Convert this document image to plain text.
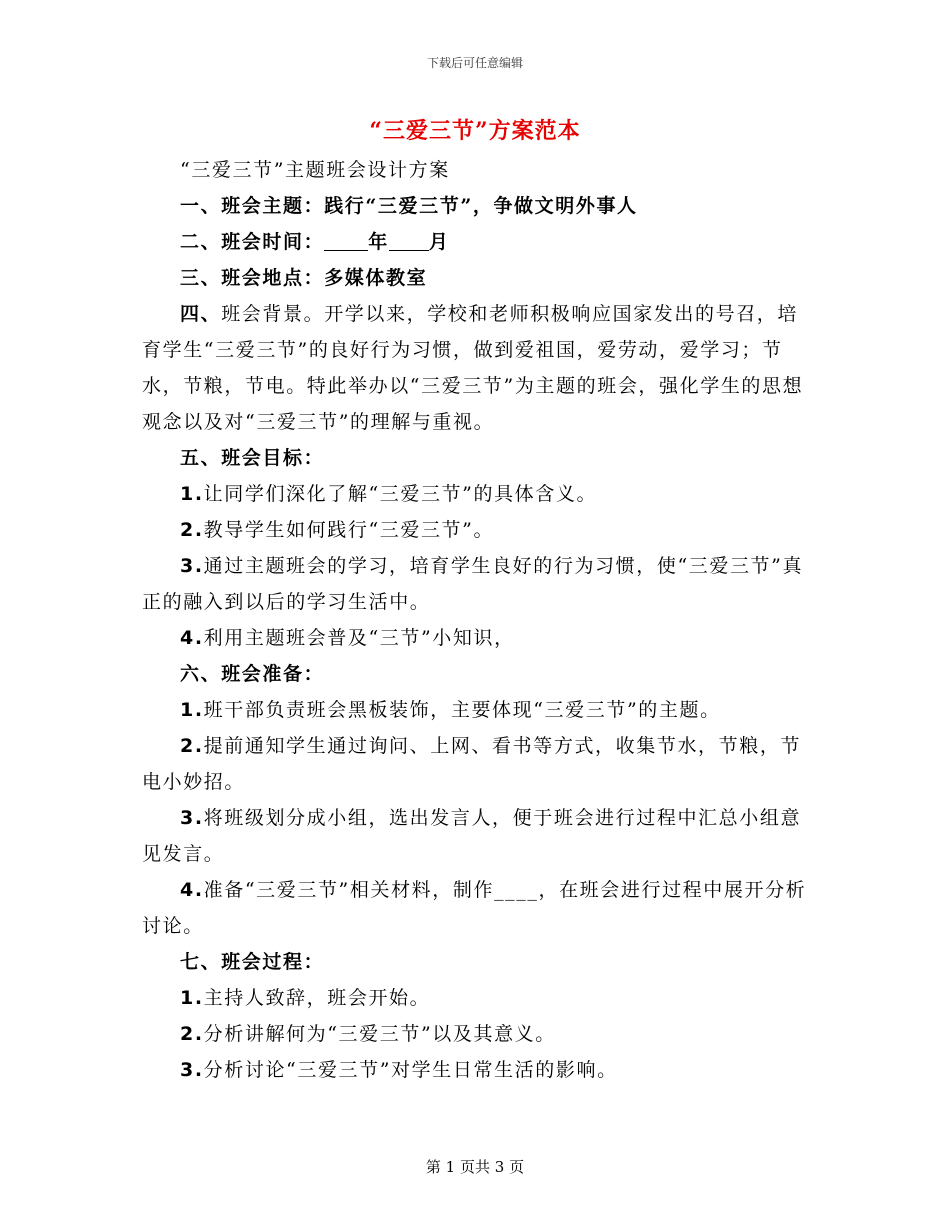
下载后可任意编辑
“三爱三节”方案范本

“三爱三节”主题班会设计方案

一、班会主题：践行“三爱三节”，争做文明外事人

二、班会时间： 年 月

三、班会地点：多媒体教室

四、班会背景。开学以来，学校和老师积极响应国家发出的号召，培育学生“三爱三节”的良好行为习惯，做到爱祖国，爱劳动，爱学习；节水，节粮，节电。特此举办以“三爱三节”为主题的班会，强化学生的思想观念以及对“三爱三节”的理解与重视。

五、班会目标：

1.让同学们深化了解“三爱三节”的具体含义。

2.教导学生如何践行“三爱三节”。

3.通过主题班会的学习，培育学生良好的行为习惯，使“三爱三节”真正的融入到以后的学习生活中。

4.利用主题班会普及“三节”小知识，

六、班会准备：

1.班干部负责班会黑板装饰，主要体现“三爱三节”的主题。

2.提前通知学生通过询问、上网、看书等方式，收集节水，节粮，节电小妙招。

3.将班级划分成小组，选出发言人，便于班会进行过程中汇总小组意见发言。

4.准备“三爱三节”相关材料，制作____，在班会进行过程中展开分析讨论。

七、班会过程：

1.主持人致辞，班会开始。

2.分析讲解何为“三爱三节”以及其意义。

3.分析讨论“三爱三节”对学生日常生活的影响。

第 1 页共 3 页
